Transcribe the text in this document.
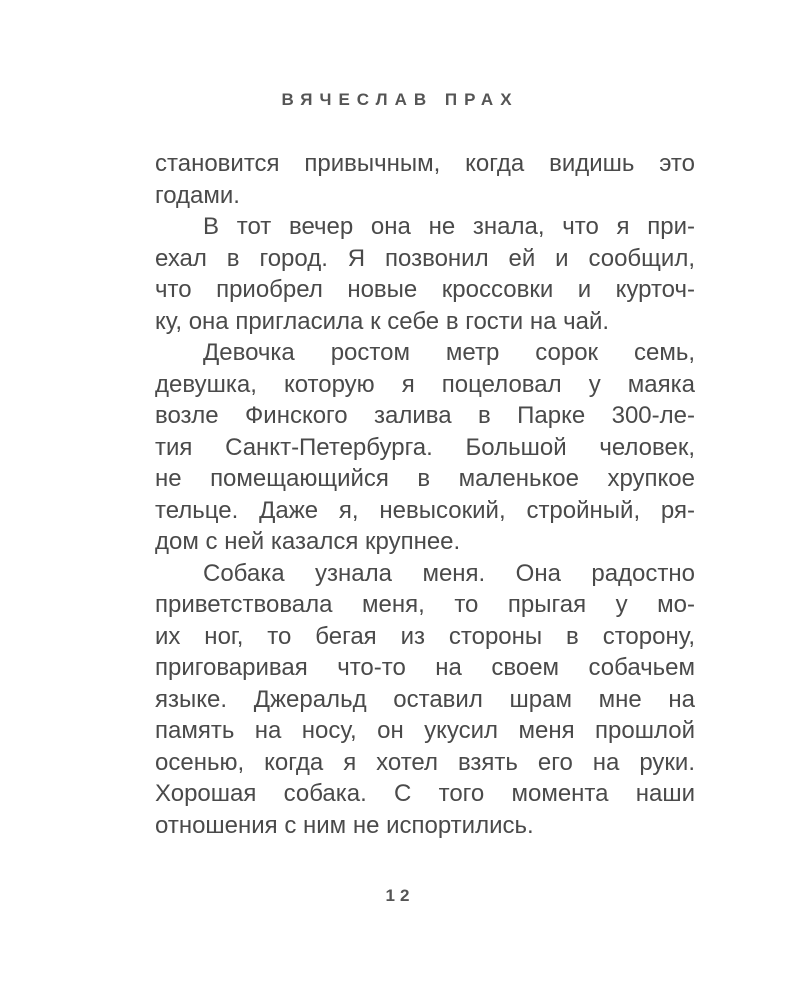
ВЯЧЕСЛАВ ПРАХ
становится привычным, когда видишь это
годами.
В тот вечер она не знала, что я при-
ехал в город. Я позвонил ей и сообщил,
что приобрел новые кроссовки и курточ-
ку, она пригласила к себе в гости на чай.
Девочка ростом метр сорок семь,
девушка, которую я поцеловал у маяка
возле Финского залива в Парке 300-ле-
тия Санкт-Петербурга. Большой человек,
не помещающийся в маленькое хрупкое
тельце. Даже я, невысокий, стройный, ря-
дом с ней казался крупнее.
Собака узнала меня. Она радостно
приветствовала меня, то прыгая у мо-
их ног, то бегая из стороны в сторону,
приговаривая что-то на своем собачьем
языке. Джеральд оставил шрам мне на
память на носу, он укусил меня прошлой
осенью, когда я хотел взять его на руки.
Хорошая собака. С того момента наши
отношения с ним не испортились.
12
